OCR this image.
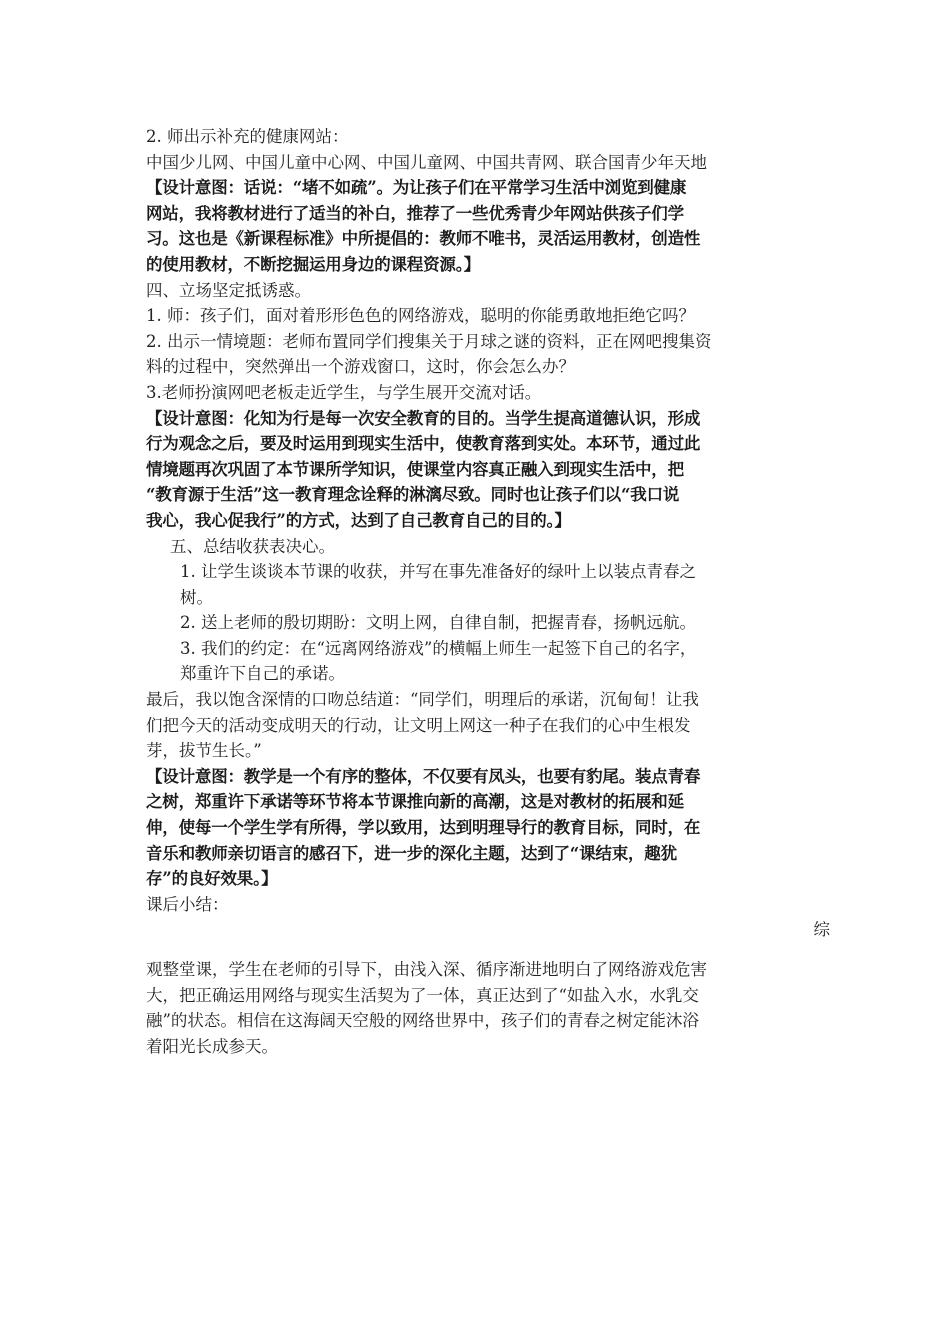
2. 师出示补充的健康网站：
中国少儿网、中国儿童中心网、中国儿童网、中国共青网、联合国青少年天地
【设计意图：话说：“堵不如疏”。为让孩子们在平常学习生活中浏览到健康
网站，我将教材进行了适当的补白，推荐了一些优秀青少年网站供孩子们学
习。这也是《新课程标准》中所提倡的：教师不唯书，灵活运用教材，创造性
的使用教材，不断挖掘运用身边的课程资源。】
四、立场坚定抵诱惑。
1. 师：孩子们，面对着形形色色的网络游戏，聪明的你能勇敢地拒绝它吗？
2. 出示一情境题：老师布置同学们搜集关于月球之谜的资料，正在网吧搜集资
料的过程中，突然弹出一个游戏窗口，这时，你会怎么办？
3.老师扮演网吧老板走近学生，与学生展开交流对话。
【设计意图：化知为行是每一次安全教育的目的。当学生提高道德认识，形成
行为观念之后，要及时运用到现实生活中，使教育落到实处。本环节，通过此
情境题再次巩固了本节课所学知识，使课堂内容真正融入到现实生活中，把
“教育源于生活”这一教育理念诠释的淋漓尽致。同时也让孩子们以“我口说
我心，我心促我行”的方式，达到了自己教育自己的目的。】
五、总结收获表决心。
1. 让学生谈谈本节课的收获，并写在事先准备好的绿叶上以装点青春之
树。
2. 送上老师的殷切期盼：文明上网，自律自制，把握青春，扬帆远航。
3. 我们的约定：在“远离网络游戏”的横幅上师生一起签下自己的名字，
郑重许下自己的承诺。
最后，我以饱含深情的口吻总结道：“同学们，明理后的承诺，沉甸甸！让我
们把今天的活动变成明天的行动，让文明上网这一种子在我们的心中生根发
芽，拔节生长。”
【设计意图：教学是一个有序的整体，不仅要有凤头，也要有豹尾。装点青春
之树，郑重许下承诺等环节将本节课推向新的高潮，这是对教材的拓展和延
伸，使每一个学生学有所得，学以致用，达到明理导行的教育目标，同时，在
音乐和教师亲切语言的感召下，进一步的深化主题，达到了“课结束，趣犹
存”的良好效果。】
课后小结：
综
观整堂课，学生在老师的引导下，由浅入深、循序渐进地明白了网络游戏危害
大，把正确运用网络与现实生活契为了一体，真正达到了“如盐入水，水乳交
融”的状态。相信在这海阔天空般的网络世界中，孩子们的青春之树定能沐浴
着阳光长成参天。
